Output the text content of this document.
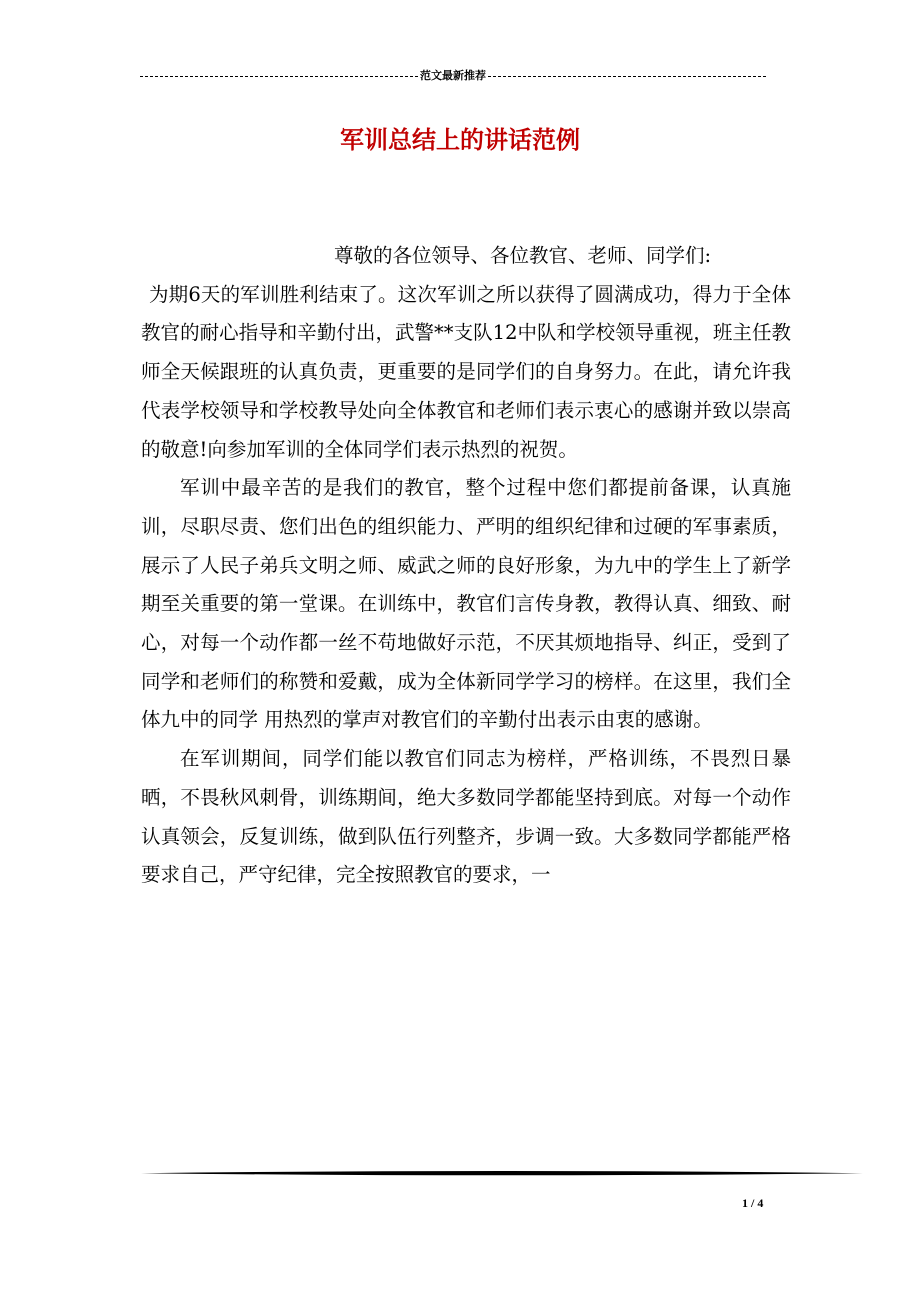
范文最新推荐
军训总结上的讲话范例

尊敬的各位领导、各位教官、老师、同学们:

为期6天的军训胜利结束了。这次军训之所以获得了圆满成功，得力于全体教官的耐心指导和辛勤付出，武警**支队12中队和学校领导重视，班主任教师全天候跟班的认真负责，更重要的是同学们的自身努力。在此，请允许我代表学校领导和学校教导处向全体教官和老师们表示衷心的感谢并致以崇高的敬意!向参加军训的全体同学们表示热烈的祝贺。

军训中最辛苦的是我们的教官，整个过程中您们都提前备课，认真施训，尽职尽责、您们出色的组织能力、严明的组织纪律和过硬的军事素质，展示了人民子弟兵文明之师、威武之师的良好形象，为九中的学生上了新学期至关重要的第一堂课。在训练中，教官们言传身教，教得认真、细致、耐心，对每一个动作都一丝不苟地做好示范，不厌其烦地指导、纠正，受到了同学和老师们的称赞和爱戴，成为全体新同学学习的榜样。在这里，我们全体九中的同学 用热烈的掌声对教官们的辛勤付出表示由衷的感谢。

在军训期间，同学们能以教官们同志为榜样，严格训练，不畏烈日暴晒，不畏秋风刺骨，训练期间，绝大多数同学都能坚持到底。对每一个动作认真领会，反复训练，做到队伍行列整齐，步调一致。大多数同学都能严格要求自己，严守纪律，完全按照教官的要求，一

1 / 4
